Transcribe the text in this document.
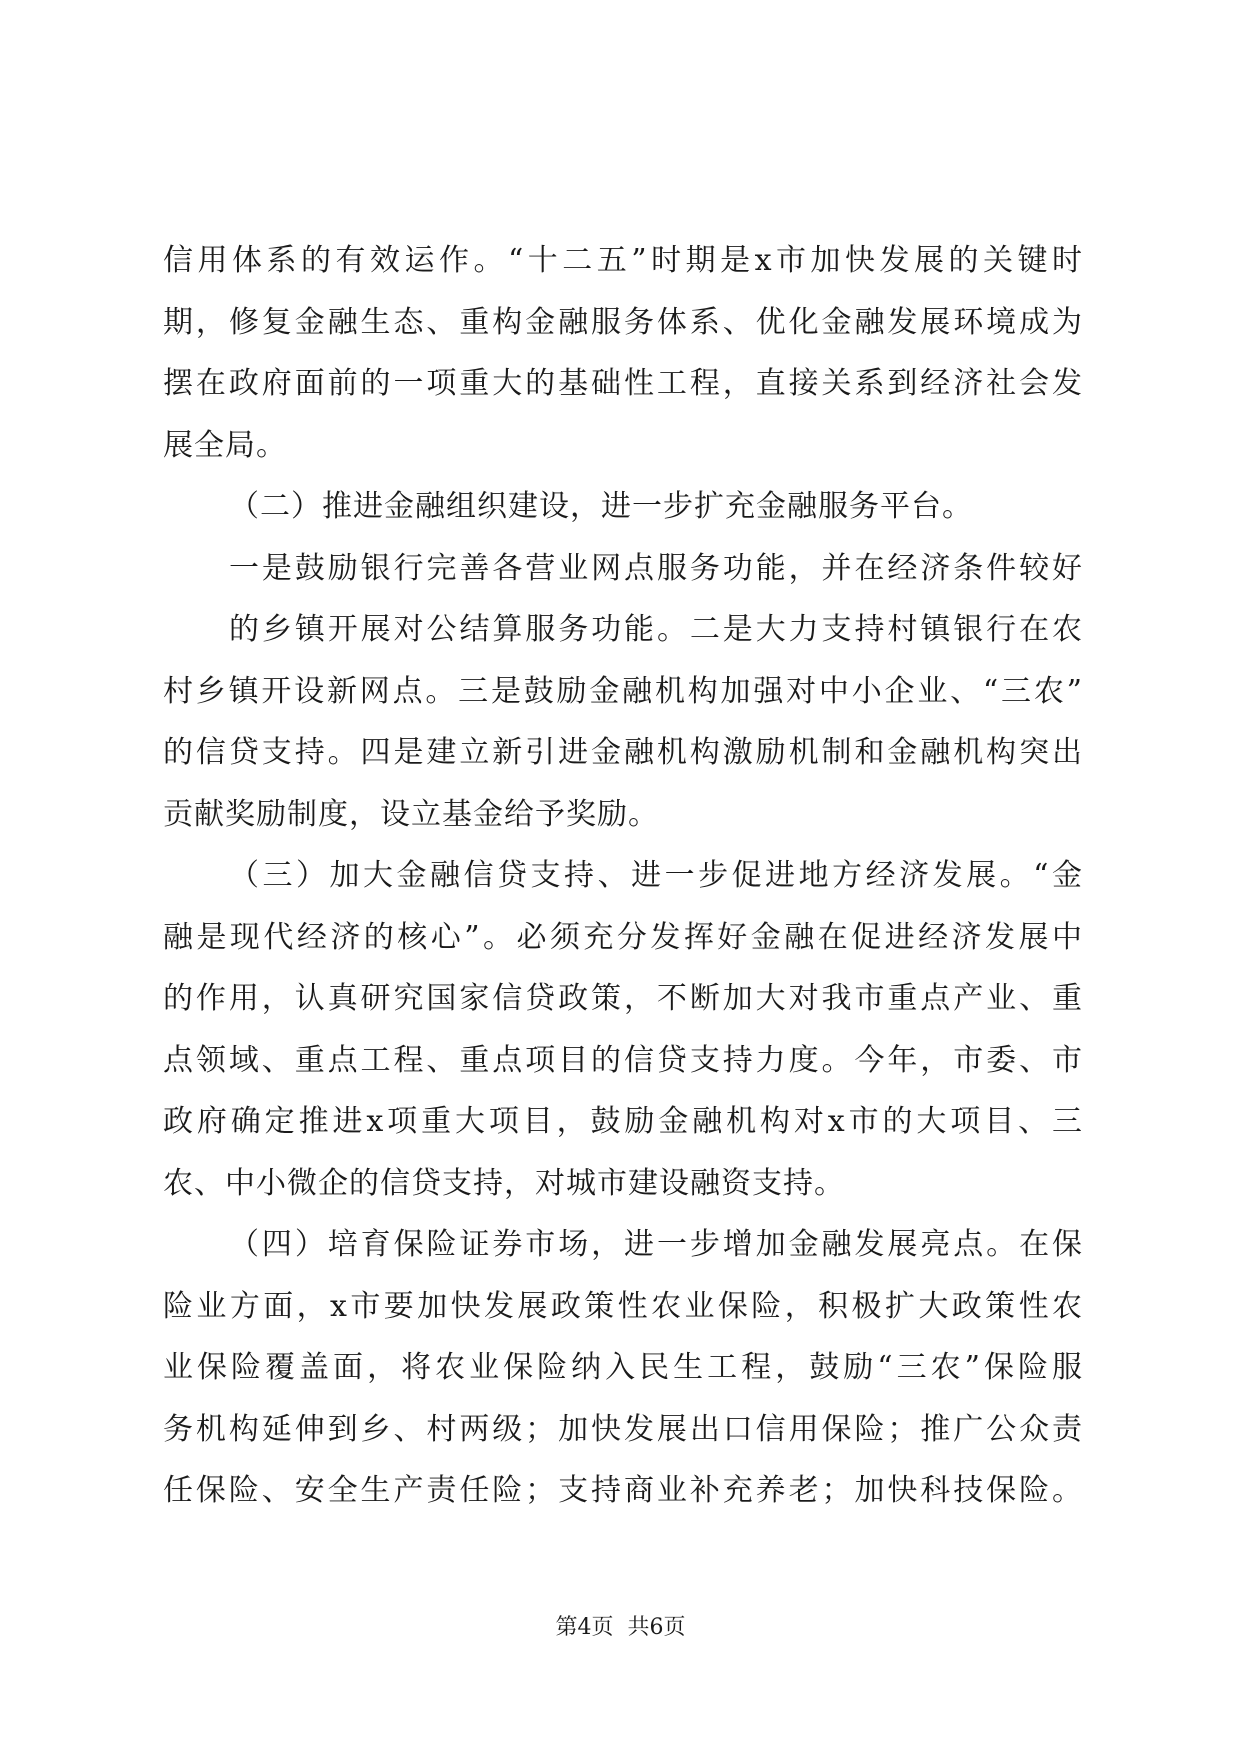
信用体系的有效运作。“十二五”时期是x市加快发展的关键时
期，修复金融生态、重构金融服务体系、优化金融发展环境成为
摆在政府面前的一项重大的基础性工程，直接关系到经济社会发
展全局。
（二）推进金融组织建设，进一步扩充金融服务平台。
一是鼓励银行完善各营业网点服务功能，并在经济条件较好
的乡镇开展对公结算服务功能。二是大力支持村镇银行在农
村乡镇开设新网点。三是鼓励金融机构加强对中小企业、“三农”
的信贷支持。四是建立新引进金融机构激励机制和金融机构突出
贡献奖励制度，设立基金给予奖励。
（三）加大金融信贷支持、进一步促进地方经济发展。“金
融是现代经济的核心”。必须充分发挥好金融在促进经济发展中
的作用，认真研究国家信贷政策，不断加大对我市重点产业、重
点领域、重点工程、重点项目的信贷支持力度。今年，市委、市
政府确定推进x项重大项目，鼓励金融机构对x市的大项目、三
农、中小微企的信贷支持，对城市建设融资支持。
（四）培育保险证券市场，进一步增加金融发展亮点。在保
险业方面，x市要加快发展政策性农业保险，积极扩大政策性农
业保险覆盖面，将农业保险纳入民生工程，鼓励“三农”保险服
务机构延伸到乡、村两级；加快发展出口信用保险；推广公众责
任保险、安全生产责任险；支持商业补充养老；加快科技保险。
第4页 共6页
